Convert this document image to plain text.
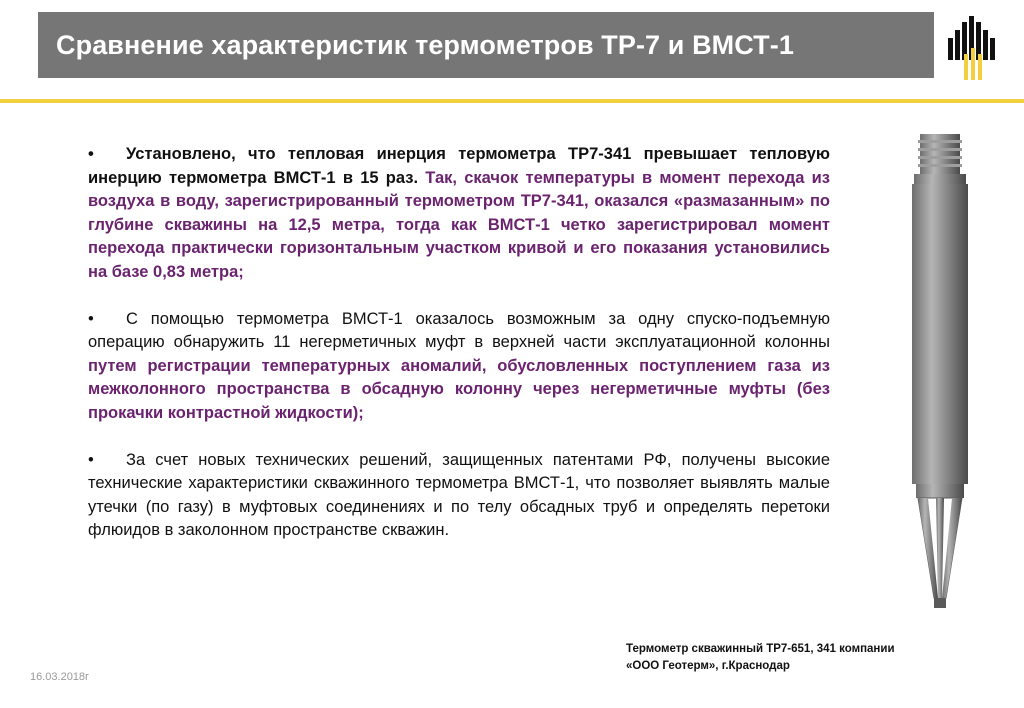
Сравнение характеристик термометров ТР-7 и ВМСТ-1

• Установлено, что тепловая инерция термометра ТР7-341 превышает тепловую инерцию термометра ВМСТ-1 в 15 раз. Так, скачок температуры в момент перехода из воздуха в воду, зарегистрированный термометром ТР7-341, оказался «размазанным» по глубине скважины на 12,5 метра, тогда как ВМСТ-1 четко зарегистрировал момент перехода практически горизонтальным участком кривой и его показания установились на базе 0,83 метра;

• С помощью термометра ВМСТ-1 оказалось возможным за одну спуско-подъемную операцию обнаружить 11 негерметичных муфт в верхней части эксплуатационной колонны путем регистрации температурных аномалий, обусловленных поступлением газа из межколонного пространства в обсадную колонну через негерметичные муфты (без прокачки контрастной жидкости);

• За счет новых технических решений, защищенных патентами РФ, получены высокие технические характеристики скважинного термометра ВМСТ-1, что позволяет выявлять малые утечки (по газу) в муфтовых соединениях и по телу обсадных труб и определять перетоки флюидов в заколонном пространстве скважин.

Термометр скважинный ТР7-651, 341 компании
«ООО Геотерм», г.Краснодар
16.03.2018г
